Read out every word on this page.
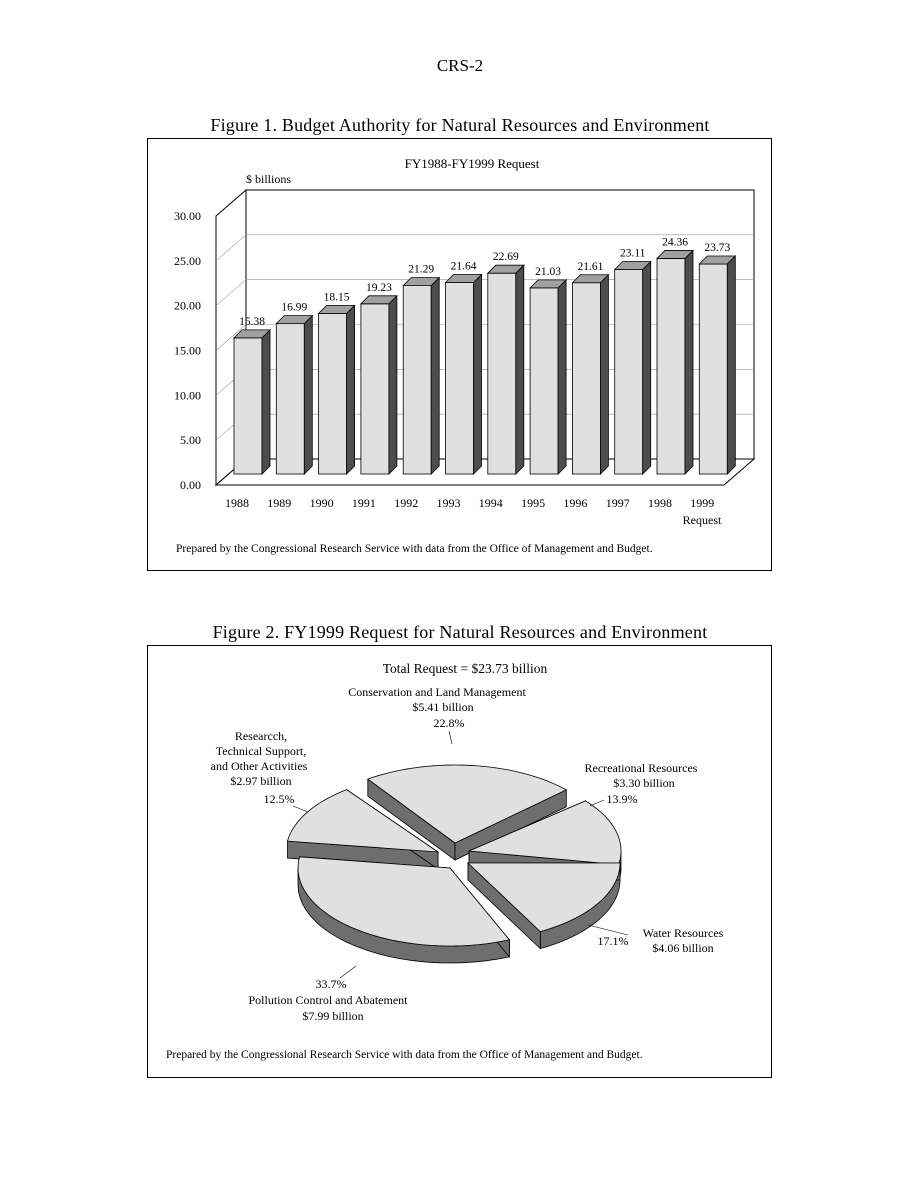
CRS-2
Figure 1. Budget Authority for Natural Resources and Environment
FY1988-FY1999 Request
$ billions
0.00
5.00
10.00
15.00
20.00
25.00
30.00
15.38
16.99
18.15
19.23
21.29 21.64
22.69
21.03 21.61
23.11
24.36 23.73
1988 1989 1990 1991 1992 1993 1994 1995 1996 1997 1998 1999
Request
Prepared by the Congressional Research Service with data from the Office of Management and Budget.
Figure 2. FY1999 Request for Natural Resources and Environment
Total Request = $23.73 billion
Conservation and Land Management
$5.41 billion
22.8%
Recreational Resources
$3.30 billion
13.9%
Water Resources
$4.06 billion
17.1%
33.7%
Pollution Control and Abatement
$7.99 billion
Researcch,
Technical Support,
and Other Activities
$2.97 billion
12.5%
Prepared by the Congressional Research Service with data from the Office of Management and Budget.
